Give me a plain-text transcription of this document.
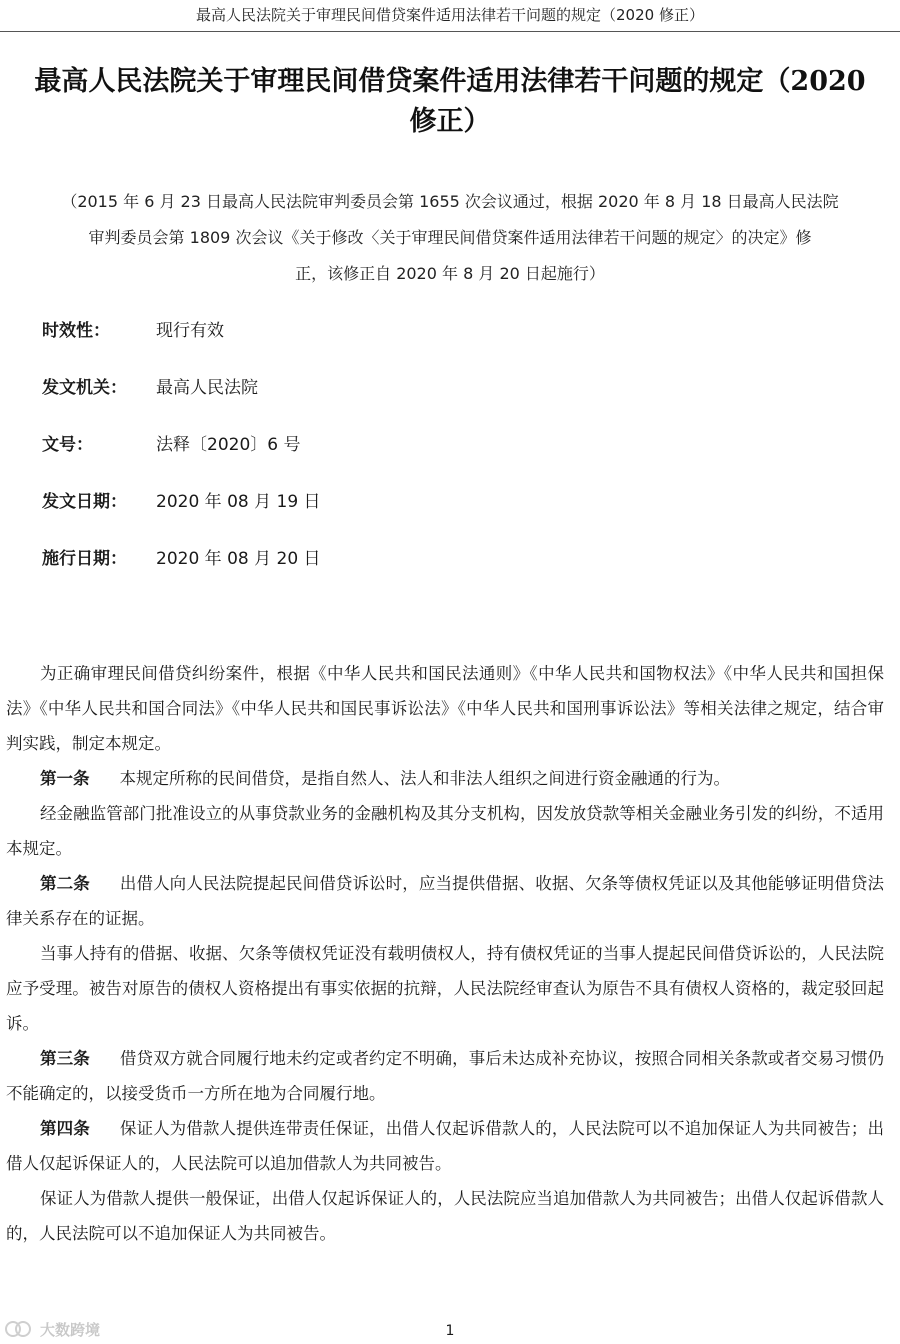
最高人民法院关于审理民间借贷案件适用法律若干问题的规定（2020 修正）
最高人民法院关于审理民间借贷案件适用法律若干问题的规定（2020
修正）
（2015 年 6 月 23 日最高人民法院审判委员会第 1655 次会议通过，根据 2020 年 8 月 18 日最高人民法院
审判委员会第 1809 次会议《关于修改〈关于审理民间借贷案件适用法律若干问题的规定〉的决定》修
正，该修正自 2020 年 8 月 20 日起施行）
时效性：	现行有效
发文机关：	最高人民法院
文号：	法释〔2020〕6 号
发文日期：	2020 年 08 月 19 日
施行日期：	2020 年 08 月 20 日

为正确审理民间借贷纠纷案件，根据《中华人民共和国民法通则》《中华人民共和国物权法》《中华人民共和国担保法》《中华人民共和国合同法》《中华人民共和国民事诉讼法》《中华人民共和国刑事诉讼法》等相关法律之规定，结合审判实践，制定本规定。

第一条 本规定所称的民间借贷，是指自然人、法人和非法人组织之间进行资金融通的行为。

经金融监管部门批准设立的从事贷款业务的金融机构及其分支机构，因发放贷款等相关金融业务引发的纠纷，不适用本规定。

第二条 出借人向人民法院提起民间借贷诉讼时，应当提供借据、收据、欠条等债权凭证以及其他能够证明借贷法律关系存在的证据。

当事人持有的借据、收据、欠条等债权凭证没有载明债权人，持有债权凭证的当事人提起民间借贷诉讼的，人民法院应予受理。被告对原告的债权人资格提出有事实依据的抗辩，人民法院经审查认为原告不具有债权人资格的，裁定驳回起诉。

第三条 借贷双方就合同履行地未约定或者约定不明确，事后未达成补充协议，按照合同相关条款或者交易习惯仍不能确定的，以接受货币一方所在地为合同履行地。

第四条 保证人为借款人提供连带责任保证，出借人仅起诉借款人的，人民法院可以不追加保证人为共同被告；出借人仅起诉保证人的，人民法院可以追加借款人为共同被告。

保证人为借款人提供一般保证，出借人仅起诉保证人的，人民法院应当追加借款人为共同被告；出借人仅起诉借款人的，人民法院可以不追加保证人为共同被告。

大数跨境	1
